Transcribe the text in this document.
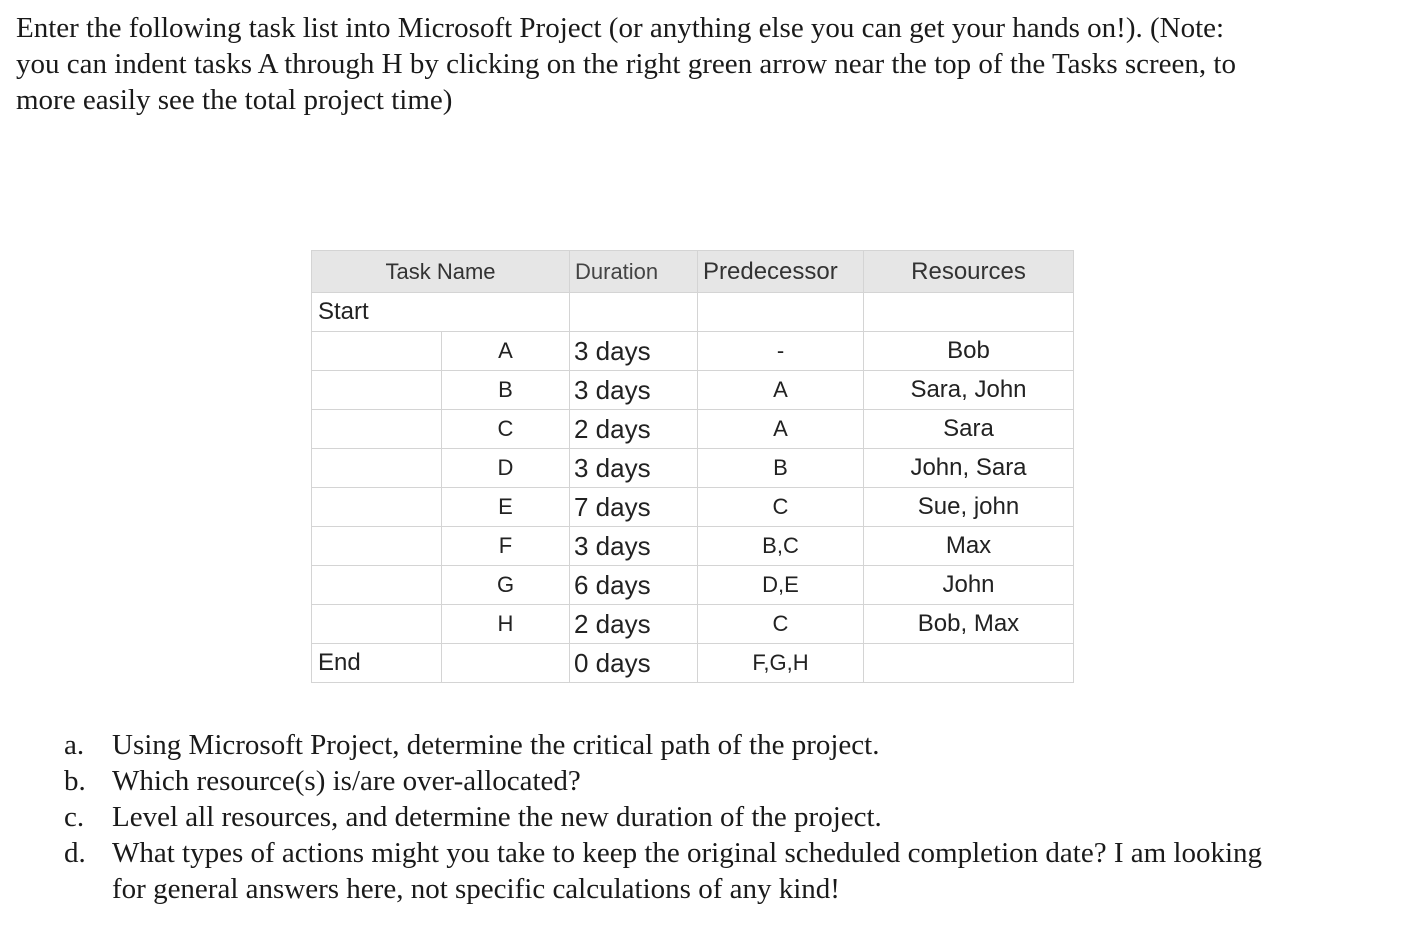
Enter the following task list into Microsoft Project (or anything else you can get your hands on!). (Note:
you can indent tasks A through H by clicking on the right green arrow near the top of the Tasks screen, to
more easily see the total project time)

Task Name		Duration	Predecessor	Resources
Start				
	A	3 days	-	Bob
	B	3 days	A	Sara, John
	C	2 days	A	Sara
	D	3 days	B	John, Sara
	E	7 days	C	Sue, john
	F	3 days	B,C	Max
	G	6 days	D,E	John
	H	2 days	C	Bob, Max
End		0 days	F,G,H	
a. Using Microsoft Project, determine the critical path of the project.
b. Which resource(s) is/are over-allocated?
c. Level all resources, and determine the new duration of the project.
d. What types of actions might you take to keep the original scheduled completion date? I am looking
for general answers here, not specific calculations of any kind!
